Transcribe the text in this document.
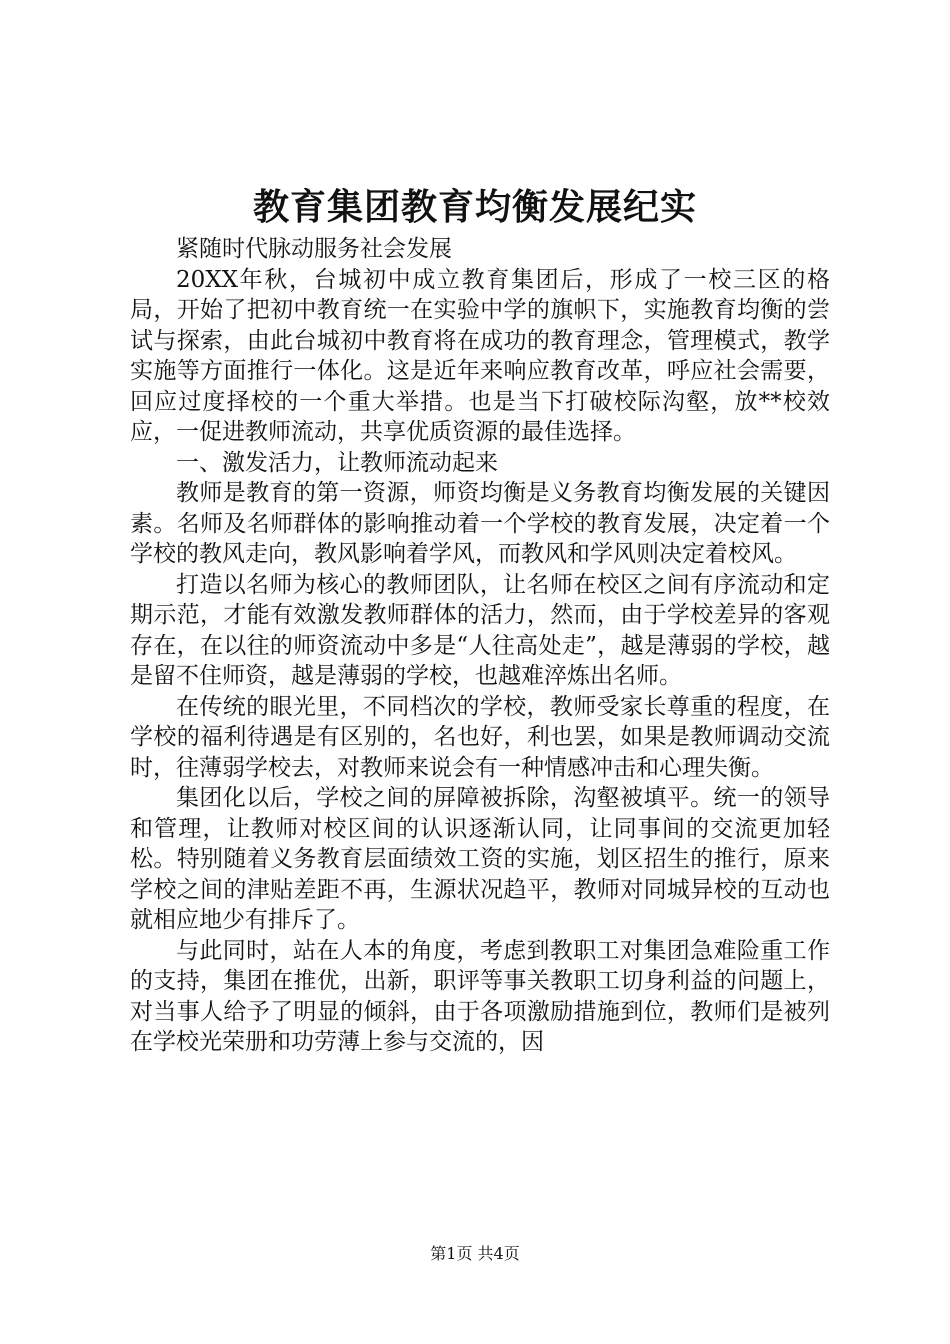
教育集团教育均衡发展纪实

紧随时代脉动服务社会发展

20XX年秋，台城初中成立教育集团后，形成了一校三区的格局，开始了把初中教育统一在实验中学的旗帜下，实施教育均衡的尝试与探索，由此台城初中教育将在成功的教育理念，管理模式，教学实施等方面推行一体化。这是近年来响应教育改革，呼应社会需要，回应过度择校的一个重大举措。也是当下打破校际沟壑，放**校效应，一促进教师流动，共享优质资源的最佳选择。

一、激发活力，让教师流动起来

教师是教育的第一资源，师资均衡是义务教育均衡发展的关键因素。名师及名师群体的影响推动着一个学校的教育发展，决定着一个学校的教风走向，教风影响着学风，而教风和学风则决定着校风。

打造以名师为核心的教师团队，让名师在校区之间有序流动和定期示范，才能有效激发教师群体的活力，然而，由于学校差异的客观存在，在以往的师资流动中多是“人往高处走”，越是薄弱的学校，越是留不住师资，越是薄弱的学校，也越难淬炼出名师。

在传统的眼光里，不同档次的学校，教师受家长尊重的程度，在学校的福利待遇是有区别的，名也好，利也罢，如果是教师调动交流时，往薄弱学校去，对教师来说会有一种情感冲击和心理失衡。

集团化以后，学校之间的屏障被拆除，沟壑被填平。统一的领导和管理，让教师对校区间的认识逐渐认同，让同事间的交流更加轻松。特别随着义务教育层面绩效工资的实施，划区招生的推行，原来学校之间的津贴差距不再，生源状况趋平，教师对同城异校的互动也就相应地少有排斥了。

与此同时，站在人本的角度，考虑到教职工对集团急难险重工作的支持，集团在推优，出新，职评等事关教职工切身利益的问题上，对当事人给予了明显的倾斜，由于各项激励措施到位，教师们是被列在学校光荣册和功劳薄上参与交流的，因

第1页 共4页
